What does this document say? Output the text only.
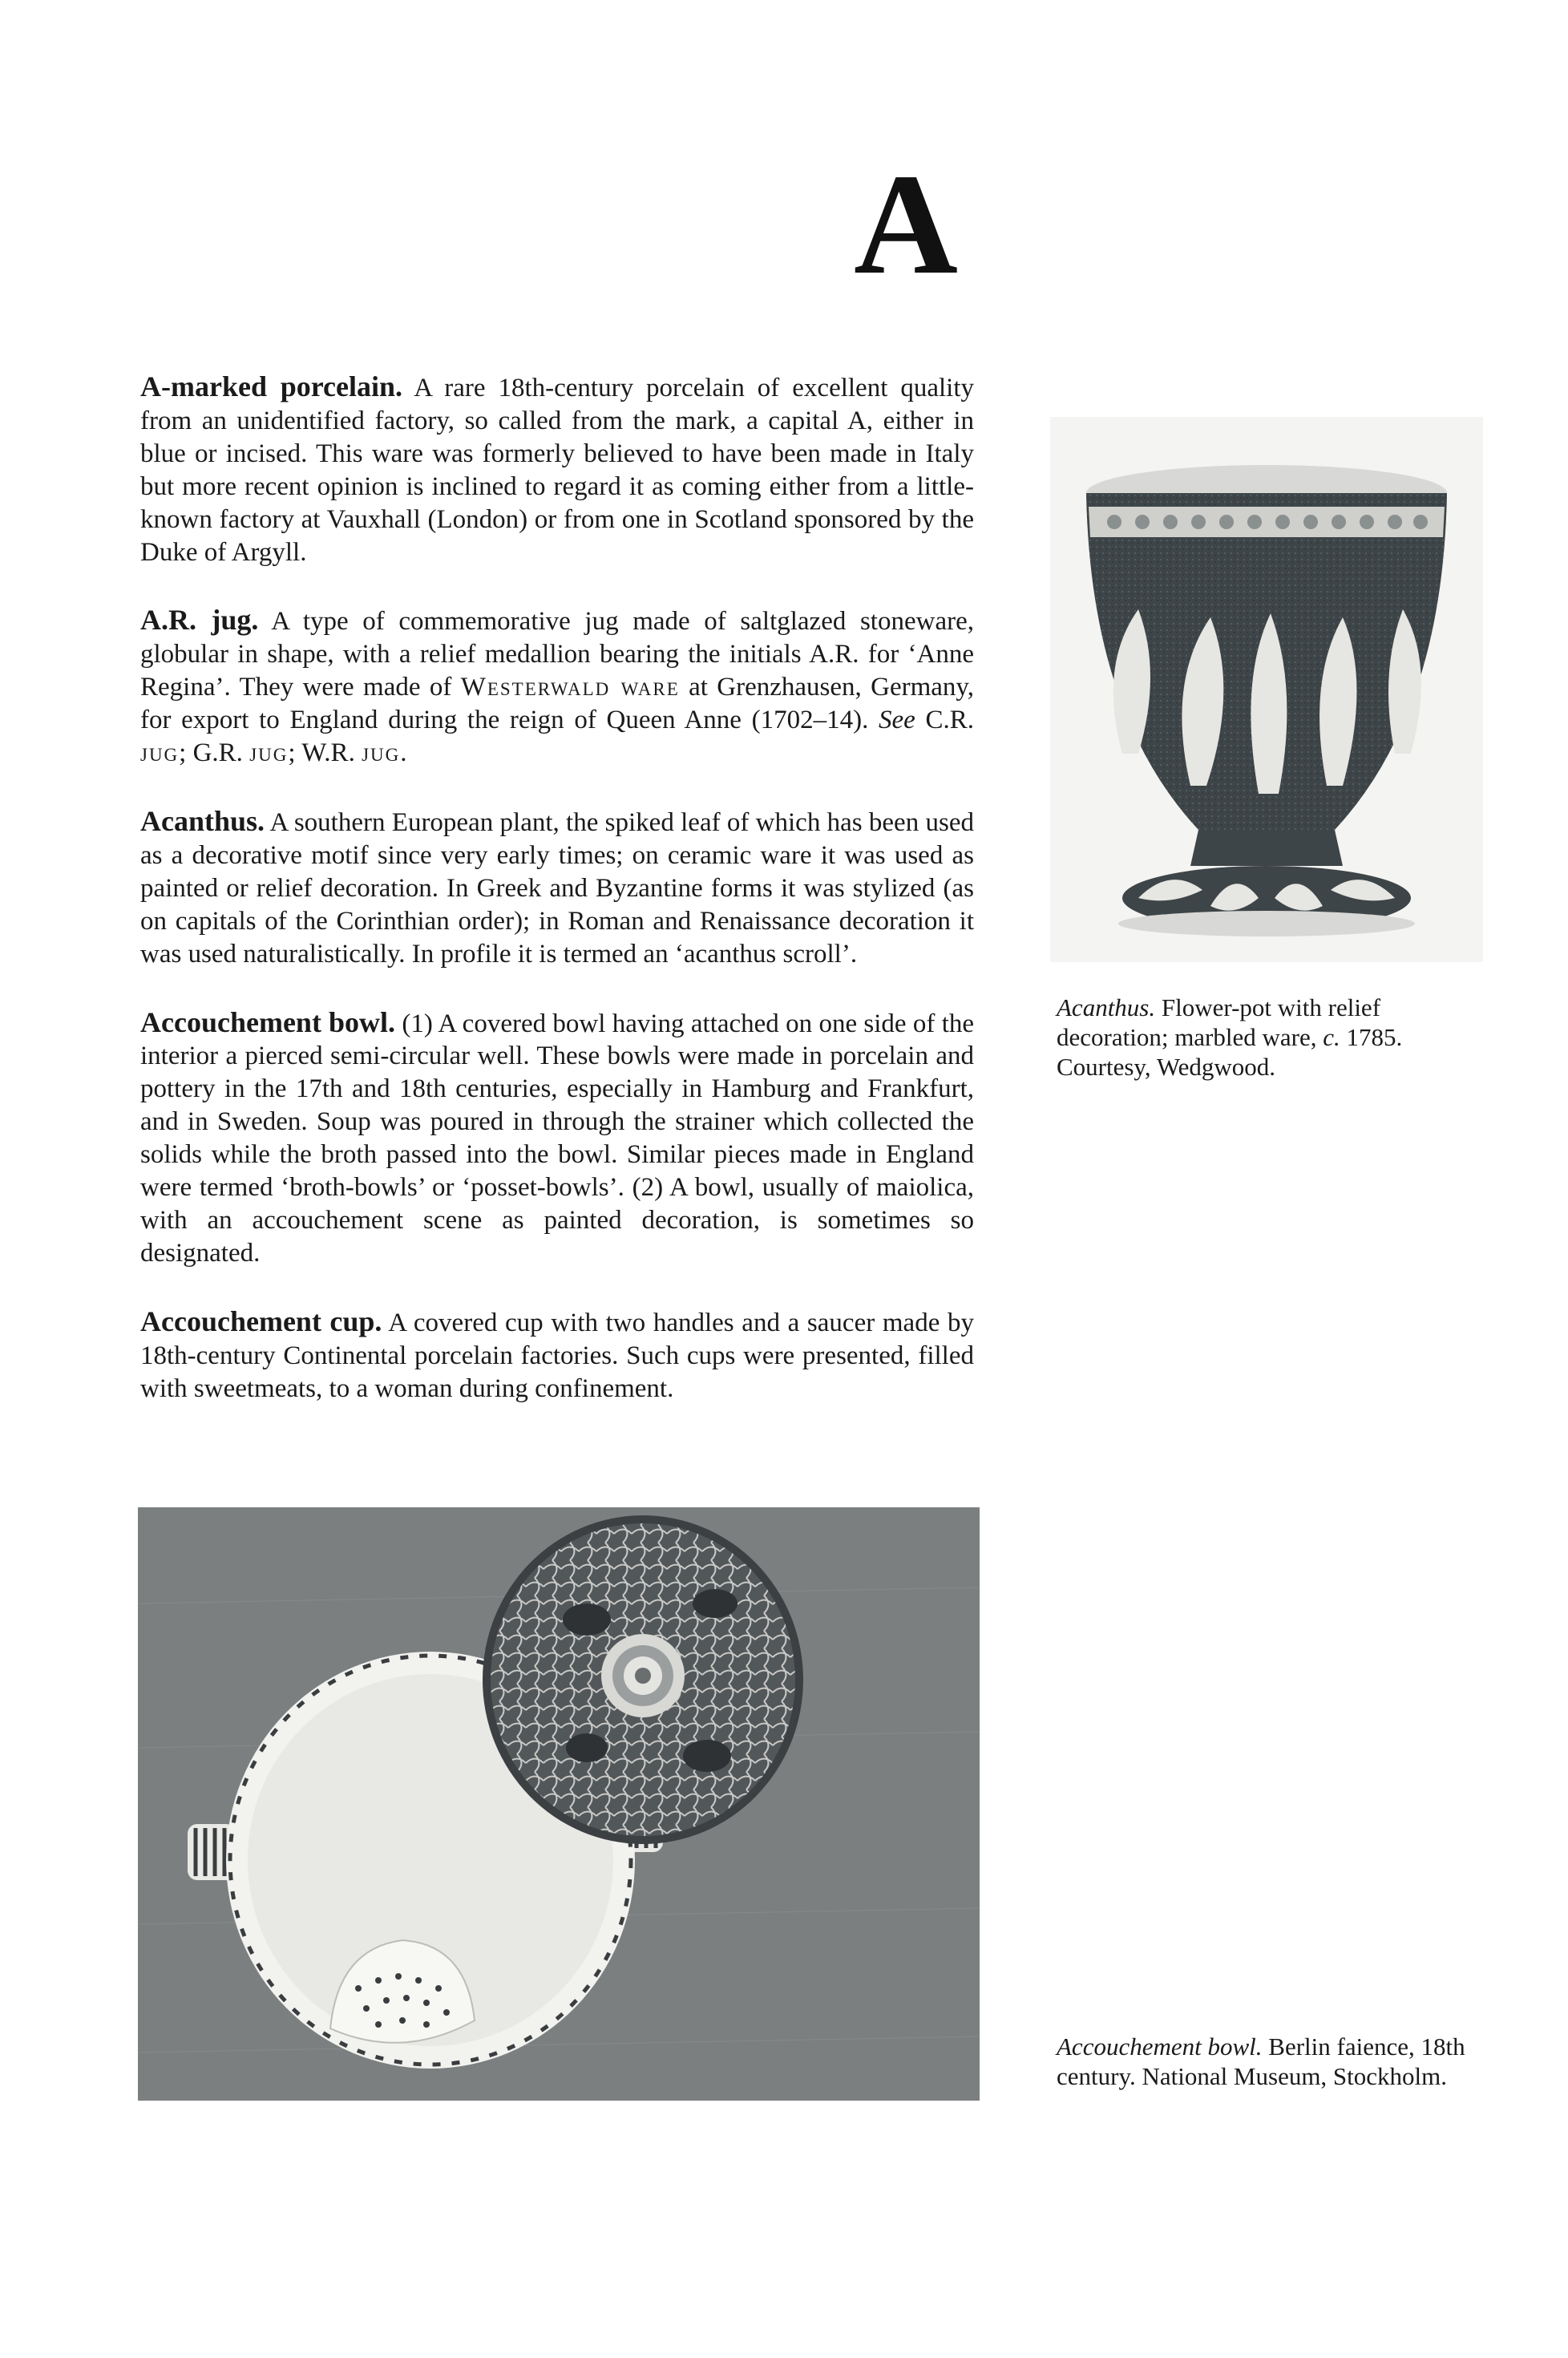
A

A-marked porcelain. A rare 18th-century porcelain of excellent quality from an unidentified factory, so called from the mark, a capital A, either in blue or incised. This ware was formerly believed to have been made in Italy but more recent opinion is inclined to regard it as coming either from a little-known factory at Vauxhall (London) or from one in Scotland sponsored by the Duke of Argyll.

A.R. jug. A type of commemorative jug made of saltglazed stoneware, globular in shape, with a relief medallion bearing the initials A.R. for ‘Anne Regina’. They were made of Westerwald ware at Grenzhausen, Germany, for export to England during the reign of Queen Anne (1702–14). See C.R. jug; G.R. jug; W.R. jug.

Acanthus. A southern European plant, the spiked leaf of which has been used as a decorative motif since very early times; on ceramic ware it was used as painted or relief decoration. In Greek and Byzantine forms it was stylized (as on capitals of the Corinthian order); in Roman and Renaissance decoration it was used naturalistically. In profile it is termed an ‘acanthus scroll’.

Accouchement bowl. (1) A covered bowl having attached on one side of the interior a pierced semi-circular well. These bowls were made in porcelain and pottery in the 17th and 18th centuries, especially in Hamburg and Frankfurt, and in Sweden. Soup was poured in through the strainer which collected the solids while the broth passed into the bowl. Similar pieces made in England were termed ‘broth-bowls’ or ‘posset-bowls’. (2) A bowl, usually of maiolica, with an accouchement scene as painted decoration, is sometimes so designated.

Accouchement cup. A covered cup with two handles and a saucer made by 18th-century Continental porcelain factories. Such cups were presented, filled with sweetmeats, to a woman during confinement.

Acanthus. Flower-pot with relief decoration; marbled ware, c. 1785. Courtesy, Wedgwood.
Accouchement bowl. Berlin faience, 18th century. National Museum, Stockholm.
